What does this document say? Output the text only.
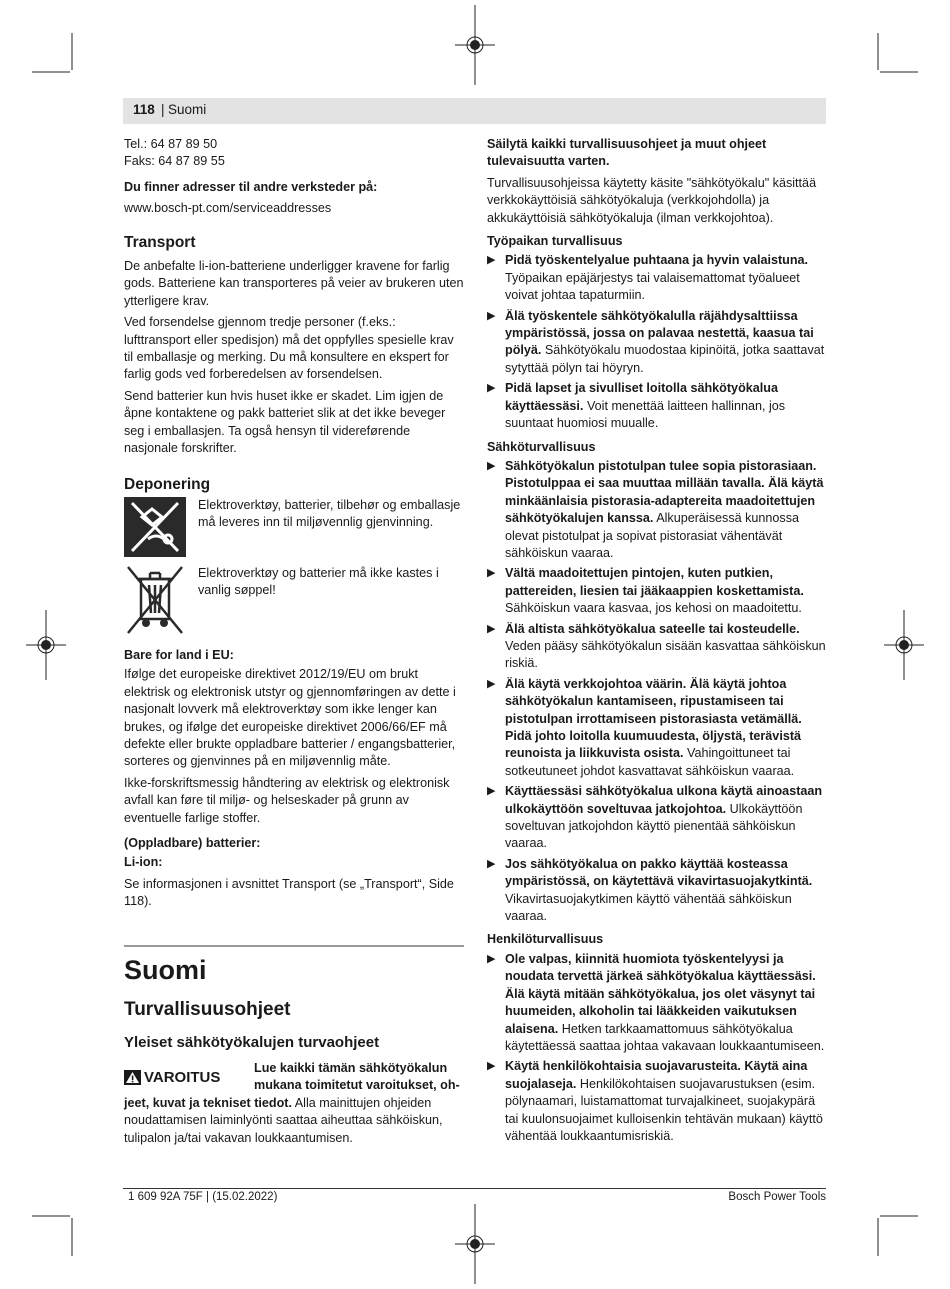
118 | Suomi

Tel.: 64 87 89 50

Faks: 64 87 89 55

Du finner adresser til andre verksteder på:

www.bosch-pt.com/serviceaddresses

Transport

De anbefalte li-ion-batteriene underligger kravene for farlig gods. Batteriene kan transporteres på veier av brukeren uten ytterligere krav.

Ved forsendelse gjennom tredje personer (f.eks.: lufttransport eller spedisjon) må det oppfylles spesielle krav til emballasje og merking. Du må konsultere en ekspert for farlig gods ved forberedelsen av forsendelsen.

Send batterier kun hvis huset ikke er skadet. Lim igjen de åpne kontaktene og pakk batteriet slik at det ikke beveger seg i emballasjen. Ta også hensyn til videreførende nasjonale forskrifter.

Deponering
Elektroverktøy, batterier, tilbehør og emballasje må leveres inn til miljøvennlig gjenvinning.
Elektroverktøy og batterier må ikke kastes i vanlig søppel!

Bare for land i EU:

Ifølge det europeiske direktivet 2012/19/EU om brukt elektrisk og elektronisk utstyr og gjennomføringen av dette i nasjonalt lovverk må elektroverktøy som ikke lenger kan brukes, og ifølge det europeiske direktivet 2006/66/EF må defekte eller brukte oppladbare batterier / engangsbatterier, sorteres og gjenvinnes på en miljøvennlig måte.

Ikke-forskriftsmessig håndtering av elektrisk og elektronisk avfall kan føre til miljø- og helseskader på grunn av eventuelle farlige stoffer.

(Oppladbare) batterier:

Li-ion:

Se informasjonen i avsnittet Transport (se „Transport“, Side 118).

Suomi
Turvallisuusohjeet
Yleiset sähkötyökalujen turvaohjeet
VAROITUS
Lue kaikki tämän sähkötyökalun
mukana toimitetut varoitukset, oh-

jeet, kuvat ja tekniset tiedot. Alla mainittujen ohjeiden noudattamisen laiminlyönti saattaa aiheuttaa sähköiskun, tulipalon ja/tai vakavan loukkaantumisen.

Säilytä kaikki turvallisuusohjeet ja muut ohjeet tulevaisuutta varten.

Turvallisuusohjeissa käytetty käsite "sähkötyökalu" käsittää verkkokäyttöisiä sähkötyökaluja (verkkojohdolla) ja akkukäyttöisiä sähkötyökaluja (ilman verkkojohtoa).

Työpaikan turvallisuus

▶ Pidä työskentelyalue puhtaana ja hyvin valaistuna. Työpaikan epäjärjestys tai valaisemattomat työalueet voivat johtaa tapaturmiin.
▶ Älä työskentele sähkötyökalulla räjähdysalttiissa ympäristössä, jossa on palavaa nestettä, kaasua tai pölyä. Sähkötyökalu muodostaa kipinöitä, jotka saattavat sytyttää pölyn tai höyryn.
▶ Pidä lapset ja sivulliset loitolla sähkötyökalua käyttäessäsi. Voit menettää laitteen hallinnan, jos suuntaat huomiosi muualle.

Sähköturvallisuus

▶ Sähkötyökalun pistotulpan tulee sopia pistorasiaan. Pistotulppaa ei saa muuttaa millään tavalla. Älä käytä minkäänlaisia pistorasia-adaptereita maadoitettujen sähkötyökalujen kanssa. Alkuperäisessä kunnossa olevat pistotulpat ja sopivat pistorasiat vähentävät sähköiskun vaaraa.
▶ Vältä maadoitettujen pintojen, kuten putkien, pattereiden, liesien tai jääkaappien koskettamista. Sähköiskun vaara kasvaa, jos kehosi on maadoitettu.
▶ Älä altista sähkötyökalua sateelle tai kosteudelle. Veden pääsy sähkötyökalun sisään kasvattaa sähköiskun riskiä.
▶ Älä käytä verkkojohtoa väärin. Älä käytä johtoa sähkötyökalun kantamiseen, ripustamiseen tai pistotulpan irrottamiseen pistorasiasta vetämällä. Pidä johto loitolla kuumuudesta, öljystä, terävistä reunoista ja liikkuvista osista. Vahingoittuneet tai sotkeutuneet johdot kasvattavat sähköiskun vaaraa.
▶ Käyttäessäsi sähkötyökalua ulkona käytä ainoastaan ulkokäyttöön soveltuvaa jatkojohtoa. Ulkokäyttöön soveltuvan jatkojohdon käyttö pienentää sähköiskun vaaraa.
▶ Jos sähkötyökalua on pakko käyttää kosteassa ympäristössä, on käytettävä vikavirtasuojakytkintä. Vikavirtasuojakytkimen käyttö vähentää sähköiskun vaaraa.

Henkilöturvallisuus

▶ Ole valpas, kiinnitä huomiota työskentelyysi ja noudata tervettä järkeä sähkötyökalua käyttäessäsi. Älä käytä mitään sähkötyökalua, jos olet väsynyt tai huumeiden, alkoholin tai lääkkeiden vaikutuksen alaisena. Hetken tarkkaamattomuus sähkötyökalua käytettäessä saattaa johtaa vakavaan loukkaantumiseen.
▶ Käytä henkilökohtaisia suojavarusteita. Käytä aina suojalaseja. Henkilökohtaisen suojavarustuksen (esim. pölynaamari, luistamattomat turvajalkineet, suojakypärä tai kuulonsuojaimet kulloisenkin tehtävän mukaan) käyttö vähentää loukkaantumisriskiä.
1 609 92A 75F | (15.02.2022)	Bosch Power Tools
